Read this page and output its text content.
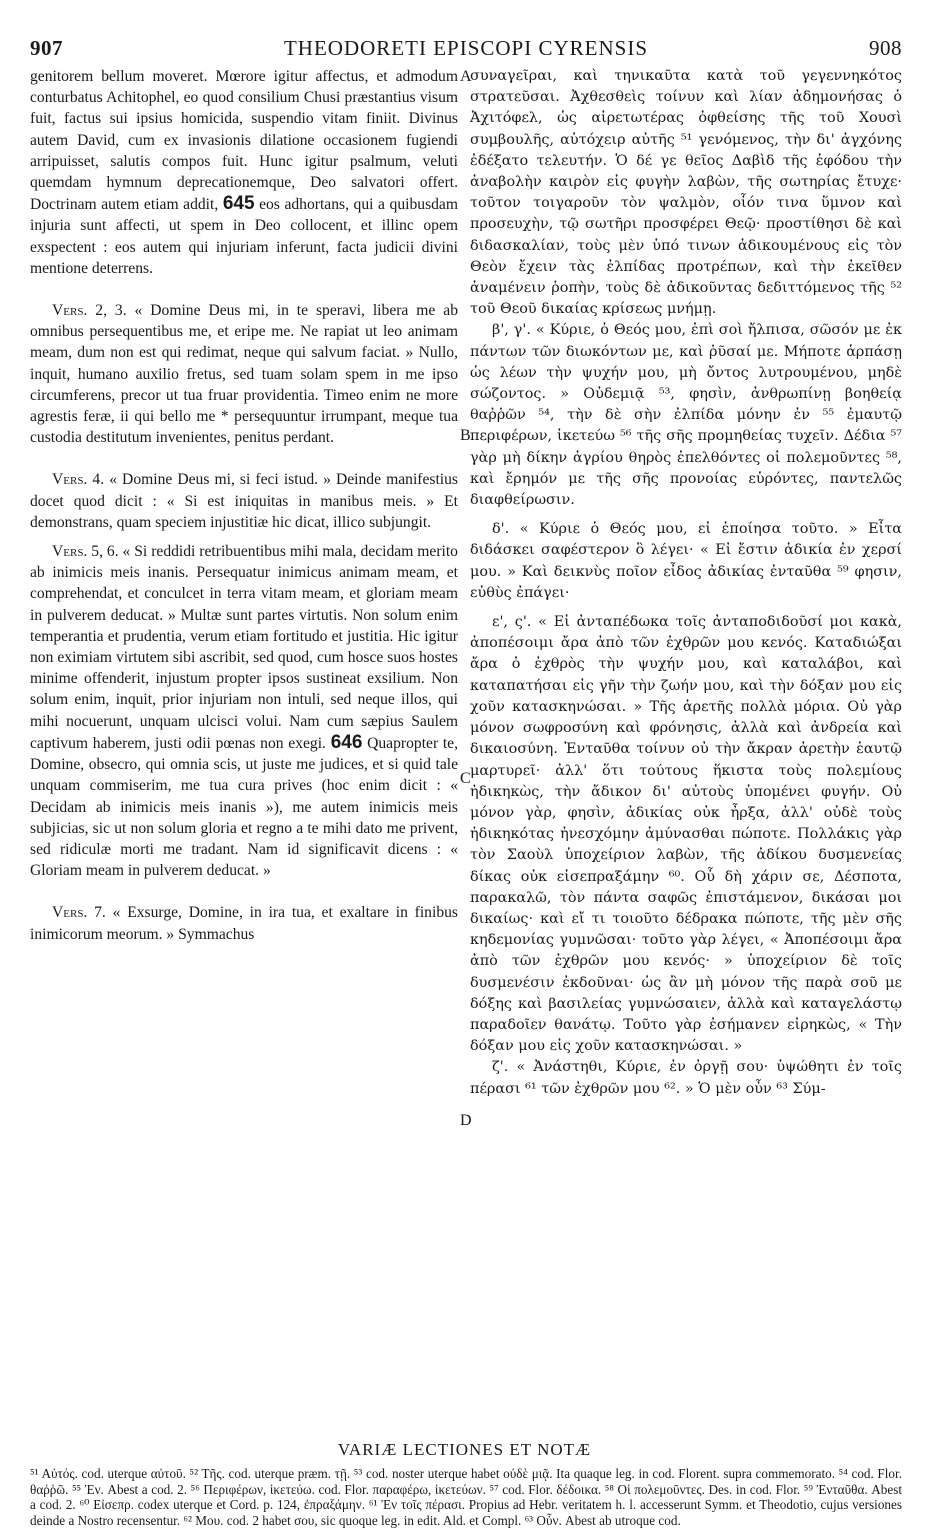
907	THEODORETI EPISCOPI CYRENSIS	908

genitorem bellum moveret. Mœrore igitur affectus, et admodum conturbatus Achitophel, eo quod consilium Chusi præstantius visum fuit, factus sui ipsius homicida, suspendio vitam finiit. Divinus autem David, cum ex invasionis dilatione occasionem fugiendi arripuisset, salutis compos fuit. Hunc igitur psalmum, veluti quemdam hymnum deprecationemque, Deo salvatori offert. Doctrinam autem etiam addit, 645 eos adhortans, qui a quibusdam injuria sunt affecti, ut spem in Deo collocent, et illinc opem exspectent : eos autem qui injuriam inferunt, facta judicii divini mentione deterrens.

Vers. 2, 3. « Domine Deus mi, in te speravi, libera me ab omnibus persequentibus me, et eripe me. Ne rapiat ut leo animam meam, dum non est qui redimat, neque qui salvum faciat. » Nullo, inquit, humano auxilio fretus, sed tuam solam spem in me ipso circumferens, precor ut tua fruar providentia. Timeo enim ne more agrestis feræ, ii qui bello me * persequuntur irrumpant, meque tua custodia destitutum invenientes, penitus perdant.

Vers. 4. « Domine Deus mi, si feci istud. » Deinde manifestius docet quod dicit : « Si est iniquitas in manibus meis. » Et demonstrans, quam speciem injustitiæ hic dicat, illico subjungit.

Vers. 5, 6. « Si reddidi retribuentibus mihi mala, decidam merito ab inimicis meis inanis. Persequatur inimicus animam meam, et comprehendat, et conculcet in terra vitam meam, et gloriam meam in pulverem deducat. » Multæ sunt partes virtutis. Non solum enim temperantia et prudentia, verum etiam fortitudo et justitia. Hic igitur non eximiam virtutem sibi ascribit, sed quod, cum hosce suos hostes minime offenderit, injustum propter ipsos sustineat exsilium. Non solum enim, inquit, prior injuriam non intuli, sed neque illos, qui mihi nocuerunt, unquam ulcisci volui. Nam cum sæpius Saulem captivum haberem, justi odii pœnas non exegi. 646 Quapropter te, Domine, obsecro, qui omnia scis, ut juste me judices, et si quid tale unquam commiserim, me tua cura prives (hoc enim dicit : « Decidam ab inimicis meis inanis »), me autem inimicis meis subjicias, sic ut non solum gloria et regno a te mihi dato me privent, sed ridiculæ morti me tradant. Nam id significavit dicens : « Gloriam meam in pulverem deducat. »

Vers. 7. « Exsurge, Domine, in ira tua, et exaltare in finibus inimicorum meorum. » Symmachus

A
B
C
D

συναγεῖραι, καὶ τηνικαῦτα κατὰ τοῦ γεγεννηκότος στρατεῦσαι. Ἀχθεσθεὶς τοίνυν καὶ λίαν ἀδημονήσας ὁ Ἀχιτόφελ, ὡς αἱρετωτέρας ὀφθείσης τῆς τοῦ Χουσὶ συμβουλῆς, αὐτόχειρ αὐτῆς ⁵¹ γενόμενος, τὴν δι' ἀγχόνης ἐδέξατο τελευτήν. Ὁ δέ γε θεῖος Δαβὶδ τῆς ἐφόδου τὴν ἀναβολὴν καιρὸν εἰς φυγὴν λαβὼν, τῆς σωτηρίας ἔτυχε· τοῦτον τοιγαροῦν τὸν ψαλμὸν, οἷόν τινα ὕμνον καὶ προσευχὴν, τῷ σωτῆρι προσφέρει Θεῷ· προστίθησι δὲ καὶ διδασκαλίαν, τοὺς μὲν ὑπό τινων ἀδικουμένους εἰς τὸν Θεὸν ἔχειν τὰς ἐλπίδας προτρέπων, καὶ τὴν ἐκεῖθεν ἀναμένειν ῥοπὴν, τοὺς δὲ ἀδικοῦντας δεδιττόμενος τῆς ⁵² τοῦ Θεοῦ δικαίας κρίσεως μνήμῃ.

β', γ'. « Κύριε, ὁ Θεός μου, ἐπὶ σοὶ ἤλπισα, σῶσόν με ἐκ πάντων τῶν διωκόντων με, καὶ ῥῦσαί με. Μήποτε ἁρπάσῃ ὡς λέων τὴν ψυχήν μου, μὴ ὄντος λυτρουμένου, μηδὲ σώζοντος. » Οὐδεμιᾷ ⁵³, φησὶν, ἀνθρωπίνῃ βοηθείᾳ θαῤῥῶν ⁵⁴, τὴν δὲ σὴν ἐλπίδα μόνην ἐν ⁵⁵ ἐμαυτῷ περιφέρων, ἱκετεύω ⁵⁶ τῆς σῆς προμηθείας τυχεῖν. Δέδια ⁵⁷ γὰρ μὴ δίκην ἀγρίου θηρὸς ἐπελθόντες οἱ πολεμοῦντες ⁵⁸, καὶ ἔρημόν με τῆς σῆς προνοίας εὑρόντες, παντελῶς διαφθείρωσιν.

δ'. « Κύριε ὁ Θεός μου, εἰ ἐποίησα τοῦτο. » Εἶτα διδάσκει σαφέστερον ὃ λέγει· « Εἰ ἔστιν ἀδικία ἐν χερσί μου. » Καὶ δεικνὺς ποῖον εἶδος ἀδικίας ἐνταῦθα ⁵⁹ φησιν, εὐθὺς ἐπάγει·

ε', ς'. « Εἰ ἀνταπέδωκα τοῖς ἀνταποδιδοῦσί μοι κακὰ, ἀποπέσοιμι ἄρα ἀπὸ τῶν ἐχθρῶν μου κενός. Καταδιώξαι ἄρα ὁ ἐχθρὸς τὴν ψυχήν μου, καὶ καταλάβοι, καὶ καταπατήσαι εἰς γῆν τὴν ζωήν μου, καὶ τὴν δόξαν μου εἰς χοῦν κατασκηνώσαι. » Τῆς ἀρετῆς πολλὰ μόρια. Οὐ γὰρ μόνον σωφροσύνη καὶ φρόνησις, ἀλλὰ καὶ ἀνδρεία καὶ δικαιοσύνη. Ἐνταῦθα τοίνυν οὐ τὴν ἄκραν ἀρετὴν ἑαυτῷ μαρτυρεῖ· ἀλλ' ὅτι τούτους ἥκιστα τοὺς πολεμίους ἠδικηκὼς, τὴν ἄδικον δι' αὐτοὺς ὑπομένει φυγήν. Οὐ μόνον γὰρ, φησὶν, ἀδικίας οὐκ ἦρξα, ἀλλ' οὐδὲ τοὺς ἠδικηκότας ἠνεσχόμην ἀμύνασθαι πώποτε. Πολλάκις γὰρ τὸν Σαοὺλ ὑποχείριον λαβὼν, τῆς ἀδίκου δυσμενείας δίκας οὐκ εἰσεπραξάμην ⁶⁰. Οὗ δὴ χάριν σε, Δέσποτα, παρακαλῶ, τὸν πάντα σαφῶς ἐπιστάμενον, δικάσαι μοι δικαίως· καὶ εἴ τι τοιοῦτο δέδρακα πώποτε, τῆς μὲν σῆς κηδεμονίας γυμνῶσαι· τοῦτο γὰρ λέγει, « Ἀποπέσοιμι ἄρα ἀπὸ τῶν ἐχθρῶν μου κενός· » ὑποχείριον δὲ τοῖς δυσμενέσιν ἐκδοῦναι· ὡς ἂν μὴ μόνον τῆς παρὰ σοῦ με δόξης καὶ βασιλείας γυμνώσαιεν, ἀλλὰ καὶ καταγελάστῳ παραδοῖεν θανάτῳ. Τοῦτο γὰρ ἐσήμανεν εἰρηκὼς, « Τὴν δόξαν μου εἰς χοῦν κατασκηνώσαι. »

ζ'. « Ἀνάστηθι, Κύριε, ἐν ὀργῇ σου· ὑψώθητι ἐν τοῖς πέρασι ⁶¹ τῶν ἐχθρῶν μου ⁶². » Ὁ μὲν οὖν ⁶³ Σύμ-

VARIÆ LECTIONES ET NOTÆ

⁵¹ Αὐτός. cod. uterque αὐτοῦ. ⁵² Τῆς. cod. uterque præm. τῇ. ⁵³ cod. noster uterque habet οὐδὲ μιᾷ. Ita quaque leg. in cod. Florent. supra commemorato. ⁵⁴ cod. Flor. θαῤῥῶ. ⁵⁵ Ἐν. Abest a cod. 2. ⁵⁶ Περιφέρων, ἱκετεύω. cod. Flor. παραφέρω, ἱκετεύων. ⁵⁷ cod. Flor. δέδοικα. ⁵⁸ Οἱ πολεμοῦντες. Des. in cod. Flor. ⁵⁹ Ἐνταῦθα. Abest a cod. 2. ⁶⁰ Εἰσεπρ. codex uterque et Cord. p. 124, ἐπραξάμην. ⁶¹ Ἐν τοῖς πέρασι. Propius ad Hebr. veritatem h. l. accesserunt Symm. et Theodotio, cujus versiones deinde a Nostro recensentur. ⁶² Μου. cod. 2 habet σου, sic quoque leg. in edit. Ald. et Compl. ⁶³ Οὖν. Abest ab utroque cod.
